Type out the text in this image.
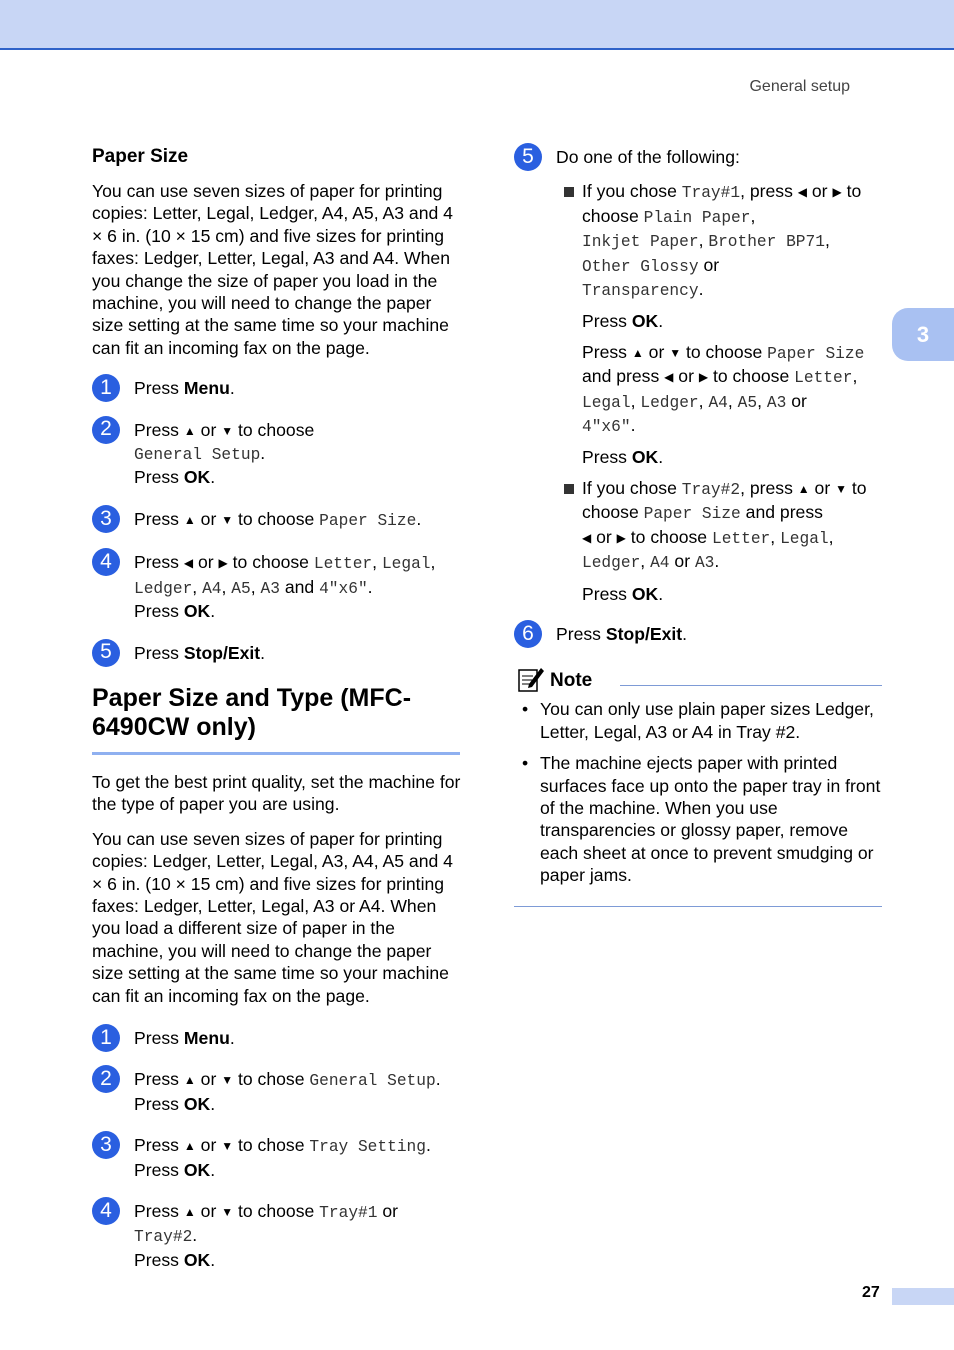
General setup
3
Paper Size

You can use seven sizes of paper for printing copies: Letter, Legal, Ledger, A4, A5, A3 and 4 × 6 in. (10 × 15 cm) and five sizes for printing faxes: Ledger, Letter, Legal, A3 and A4. When you change the size of paper you load in the machine, you will need to change the paper size setting at the same time so your machine can fit an incoming fax on the page.

1	Press Menu.
2	Press ▲ or ▼ to choose
General Setup.
Press OK.
3	Press ▲ or ▼ to choose Paper Size.
4	Press ◀ or ▶ to choose Letter, Legal,
Ledger, A4, A5, A3 and 4"x6".
Press OK.
5	Press Stop/Exit.
Paper Size and Type (MFC-6490CW only)

To get the best print quality, set the machine for the type of paper you are using.

You can use seven sizes of paper for printing copies: Ledger, Letter, Legal, A3, A4, A5 and 4 × 6 in. (10 × 15 cm) and five sizes for printing faxes: Ledger, Letter, Legal, A3 or A4. When you load a different size of paper in the machine, you will need to change the paper size setting at the same time so your machine can fit an incoming fax on the page.

1	Press Menu.
2	Press ▲ or ▼ to chose General Setup.
Press OK.
3	Press ▲ or ▼ to chose Tray Setting.
Press OK.
4	Press ▲ or ▼ to choose Tray#1 or
Tray#2.
Press OK.
5	Do one of the following:
If you chose Tray#1, press ◀ or ▶ to
choose Plain Paper,
Inkjet Paper, Brother BP71,
Other Glossy or
Transparency.
Press OK.
Press ▲ or ▼ to choose Paper Size
and press ◀ or ▶ to choose Letter,
Legal, Ledger, A4, A5, A3 or
4"x6".
Press OK.
If you chose Tray#2, press ▲ or ▼ to
choose Paper Size and press
◀ or ▶ to choose Letter, Legal,
Ledger, A4 or A3.
Press OK.
6	Press Stop/Exit.
Note
• You can only use plain paper sizes Ledger, Letter, Legal, A3 or A4 in Tray #2.
• The machine ejects paper with printed surfaces face up onto the paper tray in front of the machine. When you use transparencies or glossy paper, remove each sheet at once to prevent smudging or paper jams.
27
